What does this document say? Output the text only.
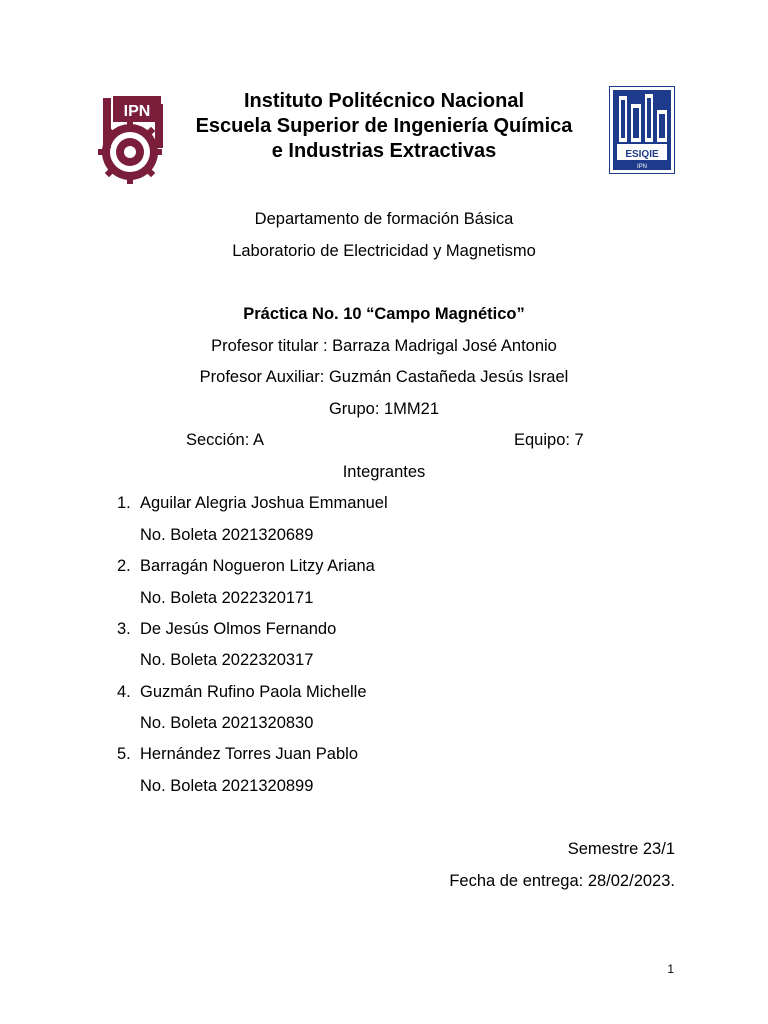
IPN
ESIQIE
IPN
Instituto Politécnico Nacional
Escuela Superior de Ingeniería Química
e Industrias Extractivas
Departamento de formación Básica
Laboratorio de Electricidad y Magnetismo
Práctica No. 10 “Campo Magnético”
Profesor titular : Barraza Madrigal José Antonio
Profesor Auxiliar: Guzmán Castañeda Jesús Israel
Grupo: 1MM21
Sección: A	Equipo: 7
Integrantes
1. Aguilar Alegria Joshua Emmanuel
No. Boleta 2021320689
2. Barragán Nogueron Litzy Ariana
No. Boleta 2022320171
3. De Jesús Olmos Fernando
No. Boleta 2022320317
4. Guzmán Rufino Paola Michelle
No. Boleta 2021320830
5. Hernández Torres Juan Pablo
No. Boleta 2021320899
Semestre 23/1
Fecha de entrega: 28/02/2023.
1
